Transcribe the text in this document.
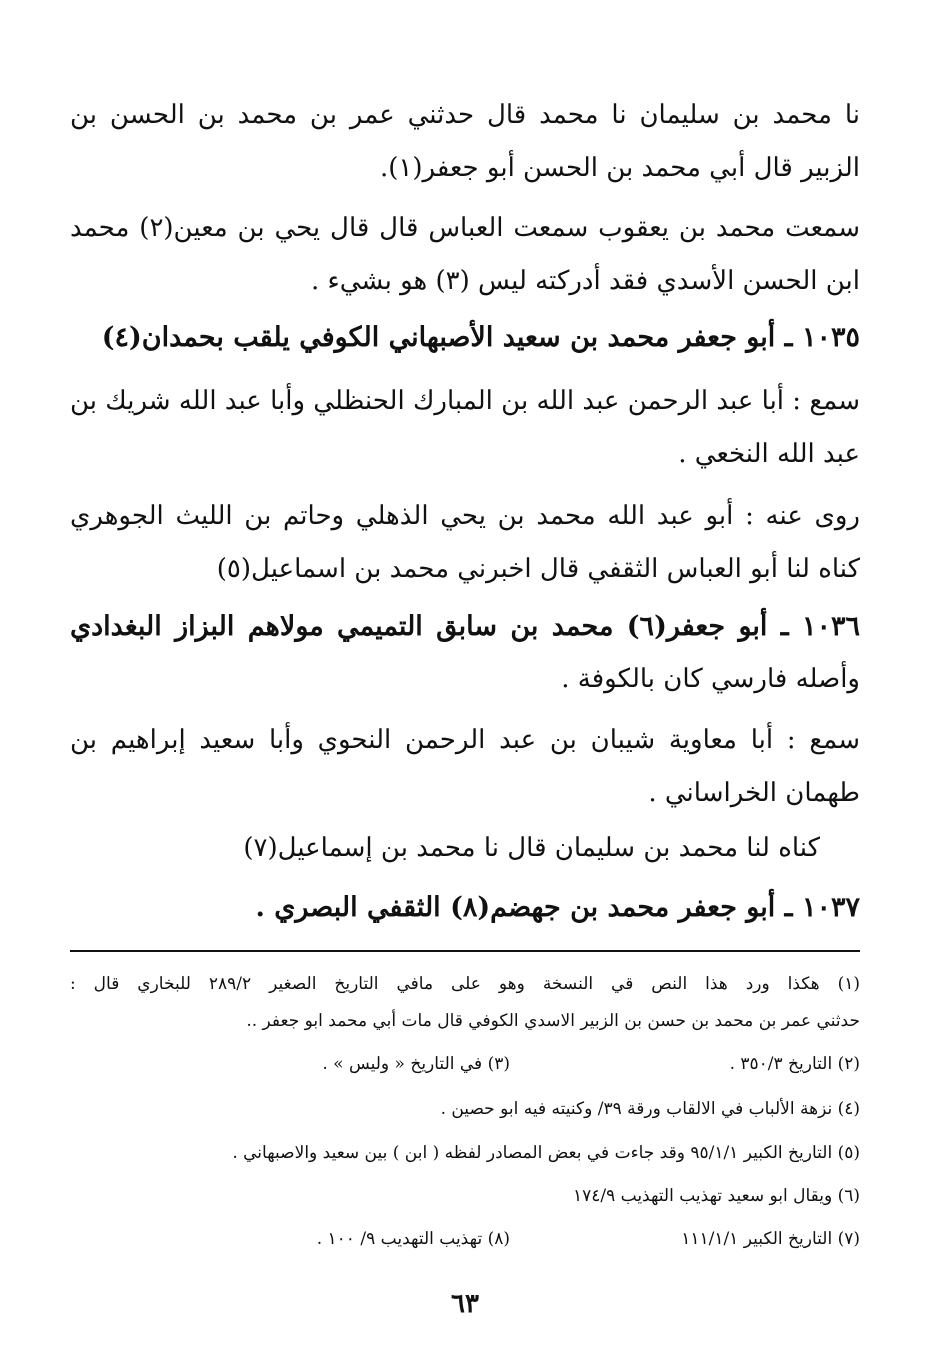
نا محمد بن سليمان نا محمد قال حدثني عمر بن محمد بن الحسن بن
الزبير قال أبي محمد بن الحسن أبو جعفر(١).
سمعت محمد بن يعقوب سمعت العباس قال قال يحي بن معين(٢) محمد
ابن الحسن الأسدي فقد أدركته ليس (٣) هو بشيء .
١٠٣٥ ـ أبو جعفر محمد بن سعيد الأصبهاني الكوفي يلقب بحمدان(٤)
سمع : أبا عبد الرحمن عبد الله بن المبارك الحنظلي وأبا عبد الله شريك بن
عبد الله النخعي .
روى عنه : أبو عبد الله محمد بن يحي الذهلي وحاتم بن الليث الجوهري
كناه لنا أبو العباس الثقفي قال اخبرني محمد بن اسماعيل(٥)
١٠٣٦ ـ أبو جعفر(٦) محمد بن سابق التميمي مولاهم البزاز البغدادي
وأصله فارسي كان بالكوفة .
سمع : أبا معاوية شيبان بن عبد الرحمن النحوي وأبا سعيد إبراهيم بن
طهمان الخراساني .
كناه لنا محمد بن سليمان قال نا محمد بن إسماعيل(٧)
١٠٣٧ ـ أبو جعفر محمد بن جهضم(٨) الثقفي البصري .
(١) هكذا ورد هذا النص قي النسخة وهو على مافي التاريخ الصغير ٢٨٩/٢ للبخاري قال :
حدثني عمر بن محمد بن حسن بن الزبير الاسدي الكوفي قال مات أبي محمد ابو جعفر ..
(٢) التاريخ ٣٥٠/٣ .
(٣) في التاريخ « وليس » .
(٤) نزهة الألباب في الالقاب ورقة ٣٩/ وكنيته فيه ابو حصين .
(٥) التاريخ الكبير ٩٥/١/١ وقد جاءت في بعض المصادر لفظه ( ابن ) بين سعيد والاصبهاني .
(٦) ويقال ابو سعيد تهذيب التهذيب ١٧٤/٩
(٧) التاريخ الكبير ١١١/١/١
(٨) تهذيب التهديب ٩/ ١٠٠ .
٦٣
